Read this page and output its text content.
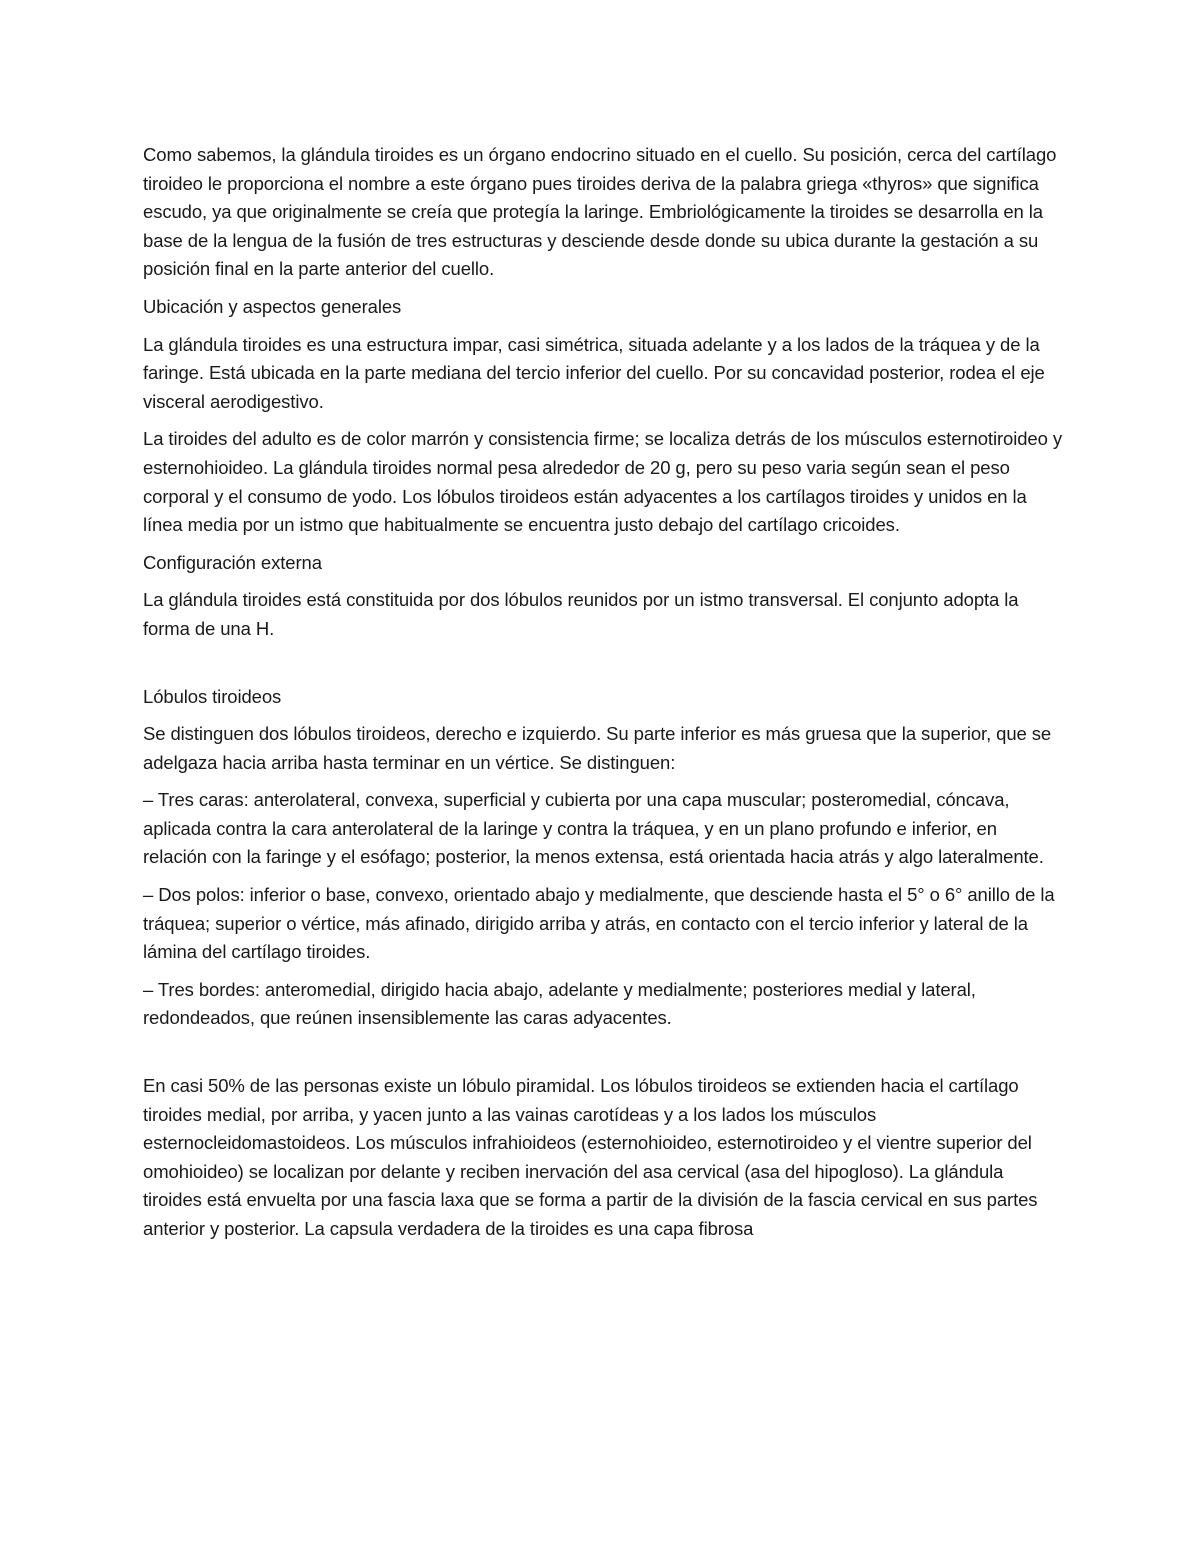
Como sabemos, la glándula tiroides es un órgano endocrino situado en el cuello. Su posición, cerca del cartílago tiroideo le proporciona el nombre a este órgano pues tiroides deriva de la palabra griega «thyros» que significa escudo, ya que originalmente se creía que protegía la laringe. Embriológicamente la tiroides se desarrolla en la base de la lengua de la fusión de tres estructuras y desciende desde donde su ubica durante la gestación a su posición final en la parte anterior del cuello.

Ubicación y aspectos generales

La glándula tiroides es una estructura impar, casi simétrica, situada adelante y a los lados de la tráquea y de la faringe. Está ubicada en la parte mediana del tercio inferior del cuello. Por su concavidad posterior, rodea el eje visceral aerodigestivo.

La tiroides del adulto es de color marrón y consistencia firme; se localiza detrás de los músculos esternotiroideo y esternohioideo. La glándula tiroides normal pesa alrededor de 20 g, pero su peso varia según sean el peso corporal y el consumo de yodo. Los lóbulos tiroideos están adyacentes a los cartílagos tiroides y unidos en la línea media por un istmo que habitualmente se encuentra justo debajo del cartílago cricoides.

Configuración externa

La glándula tiroides está constituida por dos lóbulos reunidos por un istmo transversal. El conjunto adopta la forma de una H.

Lóbulos tiroideos

Se distinguen dos lóbulos tiroideos, derecho e izquierdo. Su parte inferior es más gruesa que la superior, que se adelgaza hacia arriba hasta terminar en un vértice. Se distinguen:

– Tres caras: anterolateral, convexa, superficial y cubierta por una capa muscular; posteromedial, cóncava, aplicada contra la cara anterolateral de la laringe y contra la tráquea, y en un plano profundo e inferior, en relación con la faringe y el esófago; posterior, la menos extensa, está orientada hacia atrás y algo lateralmente.

– Dos polos: inferior o base, convexo, orientado abajo y medialmente, que desciende hasta el 5° o 6° anillo de la tráquea; superior o vértice, más afinado, dirigido arriba y atrás, en contacto con el tercio inferior y lateral de la lámina del cartílago tiroides.

– Tres bordes: anteromedial, dirigido hacia abajo, adelante y medialmente; posteriores medial y lateral, redondeados, que reúnen insensiblemente las caras adyacentes.

En casi 50% de las personas existe un lóbulo piramidal. Los lóbulos tiroideos se extienden hacia el cartílago tiroides medial, por arriba, y yacen junto a las vainas carotídeas y a los lados los músculos esternocleidomastoideos. Los músculos infrahioideos (esternohioideo, esternotiroideo y el vientre superior del omohioideo) se localizan por delante y reciben inervación del asa cervical (asa del hipogloso). La glándula tiroides está envuelta por una fascia laxa que se forma a partir de la división de la fascia cervical en sus partes anterior y posterior. La capsula verdadera de la tiroides es una capa fibrosa
